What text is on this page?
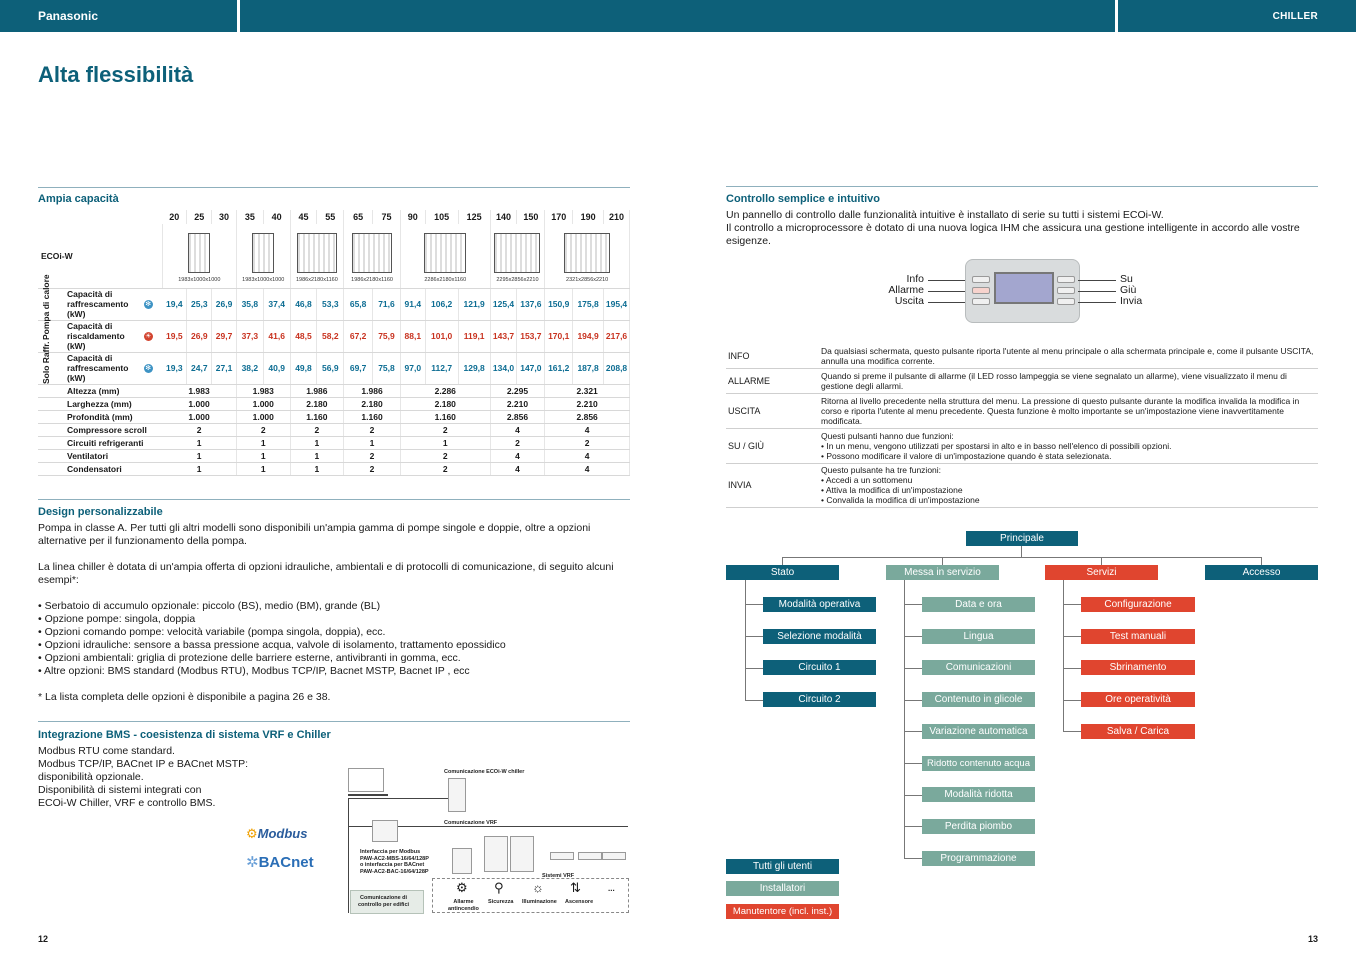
Panasonic	CHILLER
Alta flessibilità
Ampia capacità
		20	25	30	35	40	45	55	65	75	90	105	125	140	150	170	190	210
ECOi-W		1983x1000x1000			1983x1000x1000		1986x2180x1160		1986x2180x1160		2286x2180x1160			2295x2856x2210		2321x2856x2210		

Capacità di raffrescamento (kW)	✻	19,4	25,3	26,9	35,8	37,4	46,8	53,3	65,8	71,6	91,4	106,2	121,9	125,4	137,6	150,9	175,8	195,4
Capacità di riscaldamento (kW)	☀	19,5	26,9	29,7	37,3	41,6	48,5	58,2	67,2	75,9	88,1	101,0	119,1	143,7	153,7	170,1	194,9	217,6
Capacità di raffrescamento (kW)	✻	19,3	24,7	27,1	38,2	40,9	49,8	56,9	69,7	75,8	97,0	112,7	129,8	134,0	147,0	161,2	187,8	208,8
Altezza (mm)		1.983			1.983		1.986		1.986		2.286			2.295		2.321		
Larghezza (mm)		1.000			1.000		2.180		2.180		2.180			2.210		2.210		
Profondità (mm)		1.000			1.000		1.160		1.160		1.160			2.856		2.856		
Compressore scroll		2			2		2		2		2			4		4		
Circuiti refrigeranti		1			1		1		1		1			2		2		
Ventilatori		1			1		1		2		2			4		4		
Condensatori		1			1		1		2		2			4		4		
Pompa di calore
Solo Raffr.
Design personalizzabile
Pompa in classe A. Per tutti gli altri modelli sono disponibili un'ampia gamma di pompe singole e doppie, oltre a opzioni alternative per il funzionamento della pompa.
La linea chiller è dotata di un'ampia offerta di opzioni idrauliche, ambientali e di protocolli di comunicazione, di seguito alcuni esempi*:
• Serbatoio di accumulo opzionale: piccolo (BS), medio (BM), grande (BL)
• Opzione pompe: singola, doppia
• Opzioni comando pompe: velocità variabile (pompa singola, doppia), ecc.
• Opzioni idrauliche: sensore a bassa pressione acqua, valvole di isolamento, trattamento epossidico
• Opzioni ambientali: griglia di protezione delle barriere esterne, antivibranti in gomma, ecc.
• Altre opzioni: BMS standard (Modbus RTU), Modbus TCP/IP, Bacnet MSTP, Bacnet IP , ecc
* La lista completa delle opzioni è disponibile a pagina 26 e 38.
Integrazione BMS - coesistenza di sistema VRF e Chiller
Modbus RTU come standard.
Modbus TCP/IP, BACnet IP e BACnet MSTP:
disponibilità opzionale.
Disponibilità di sistemi integrati con
ECOi-W Chiller, VRF e controllo BMS.
⚙Modbus
✲BACnet
Comunicazione ECOi-W chiller
Comunicazione VRF
Interfaccia per Modbus
PAW-AC2-MBS-16/64/128P
o interfaccia per BACnet
PAW-AC2-BAC-16/64/128P
Sistemi VRF
Comunicazione di
controllo per edifici
⚙
Allarme
antincendio
⚲
Sicurezza
☼
Illuminazione
⇅
Ascensore
...
12
Controllo semplice e intuitivo
Un pannello di controllo dalle funzionalità intuitive è installato di serie su tutti i sistemi ECOi-W.
Il controllo a microprocessore è dotato di una nuova logica IHM che assicura una gestione intelligente in accordo alle vostre esigenze.
Info
Allarme
Uscita
Su
Giù
Invia
INFO	Da qualsiasi schermata, questo pulsante riporta l'utente al menu principale o alla schermata principale e, come il pulsante USCITA, annulla una modifica corrente.

ALLARME	Quando si preme il pulsante di allarme (il LED rosso lampeggia se viene segnalato un allarme), viene visualizzato il menu di gestione degli allarmi.

USCITA	Ritorna al livello precedente nella struttura del menu. La pressione di questo pulsante durante la modifica invalida la modifica in corso e riporta l'utente al menu precedente. Questa funzione è molto importante se un'impostazione viene inavvertitamente modificata.

SU / GIÙ	Questi pulsanti hanno due funzioni:
• In un menu, vengono utilizzati per spostarsi in alto e in basso nell'elenco di possibili opzioni.
• Possono modificare il valore di un'impostazione quando è stata selezionata.

INVIA	Questo pulsante ha tre funzioni:
• Accedi a un sottomenu
• Attiva la modifica di un'impostazione
• Convalida la modifica di un'impostazione
Principale
Stato	Messa in servizio	Servizi	Accesso
Modalità operativa
Selezione modalità
Circuito 1
Circuito 2
Data e ora
Lingua
Comunicazioni
Contenuto in glicole
Variazione automatica
Ridotto contenuto acqua
Modalità ridotta
Perdita piombo
Programmazione
Configurazione
Test manuali
Sbrinamento
Ore operatività
Salva / Carica
Tutti gli utenti
Installatori
Manutentore (incl. inst.)
13
